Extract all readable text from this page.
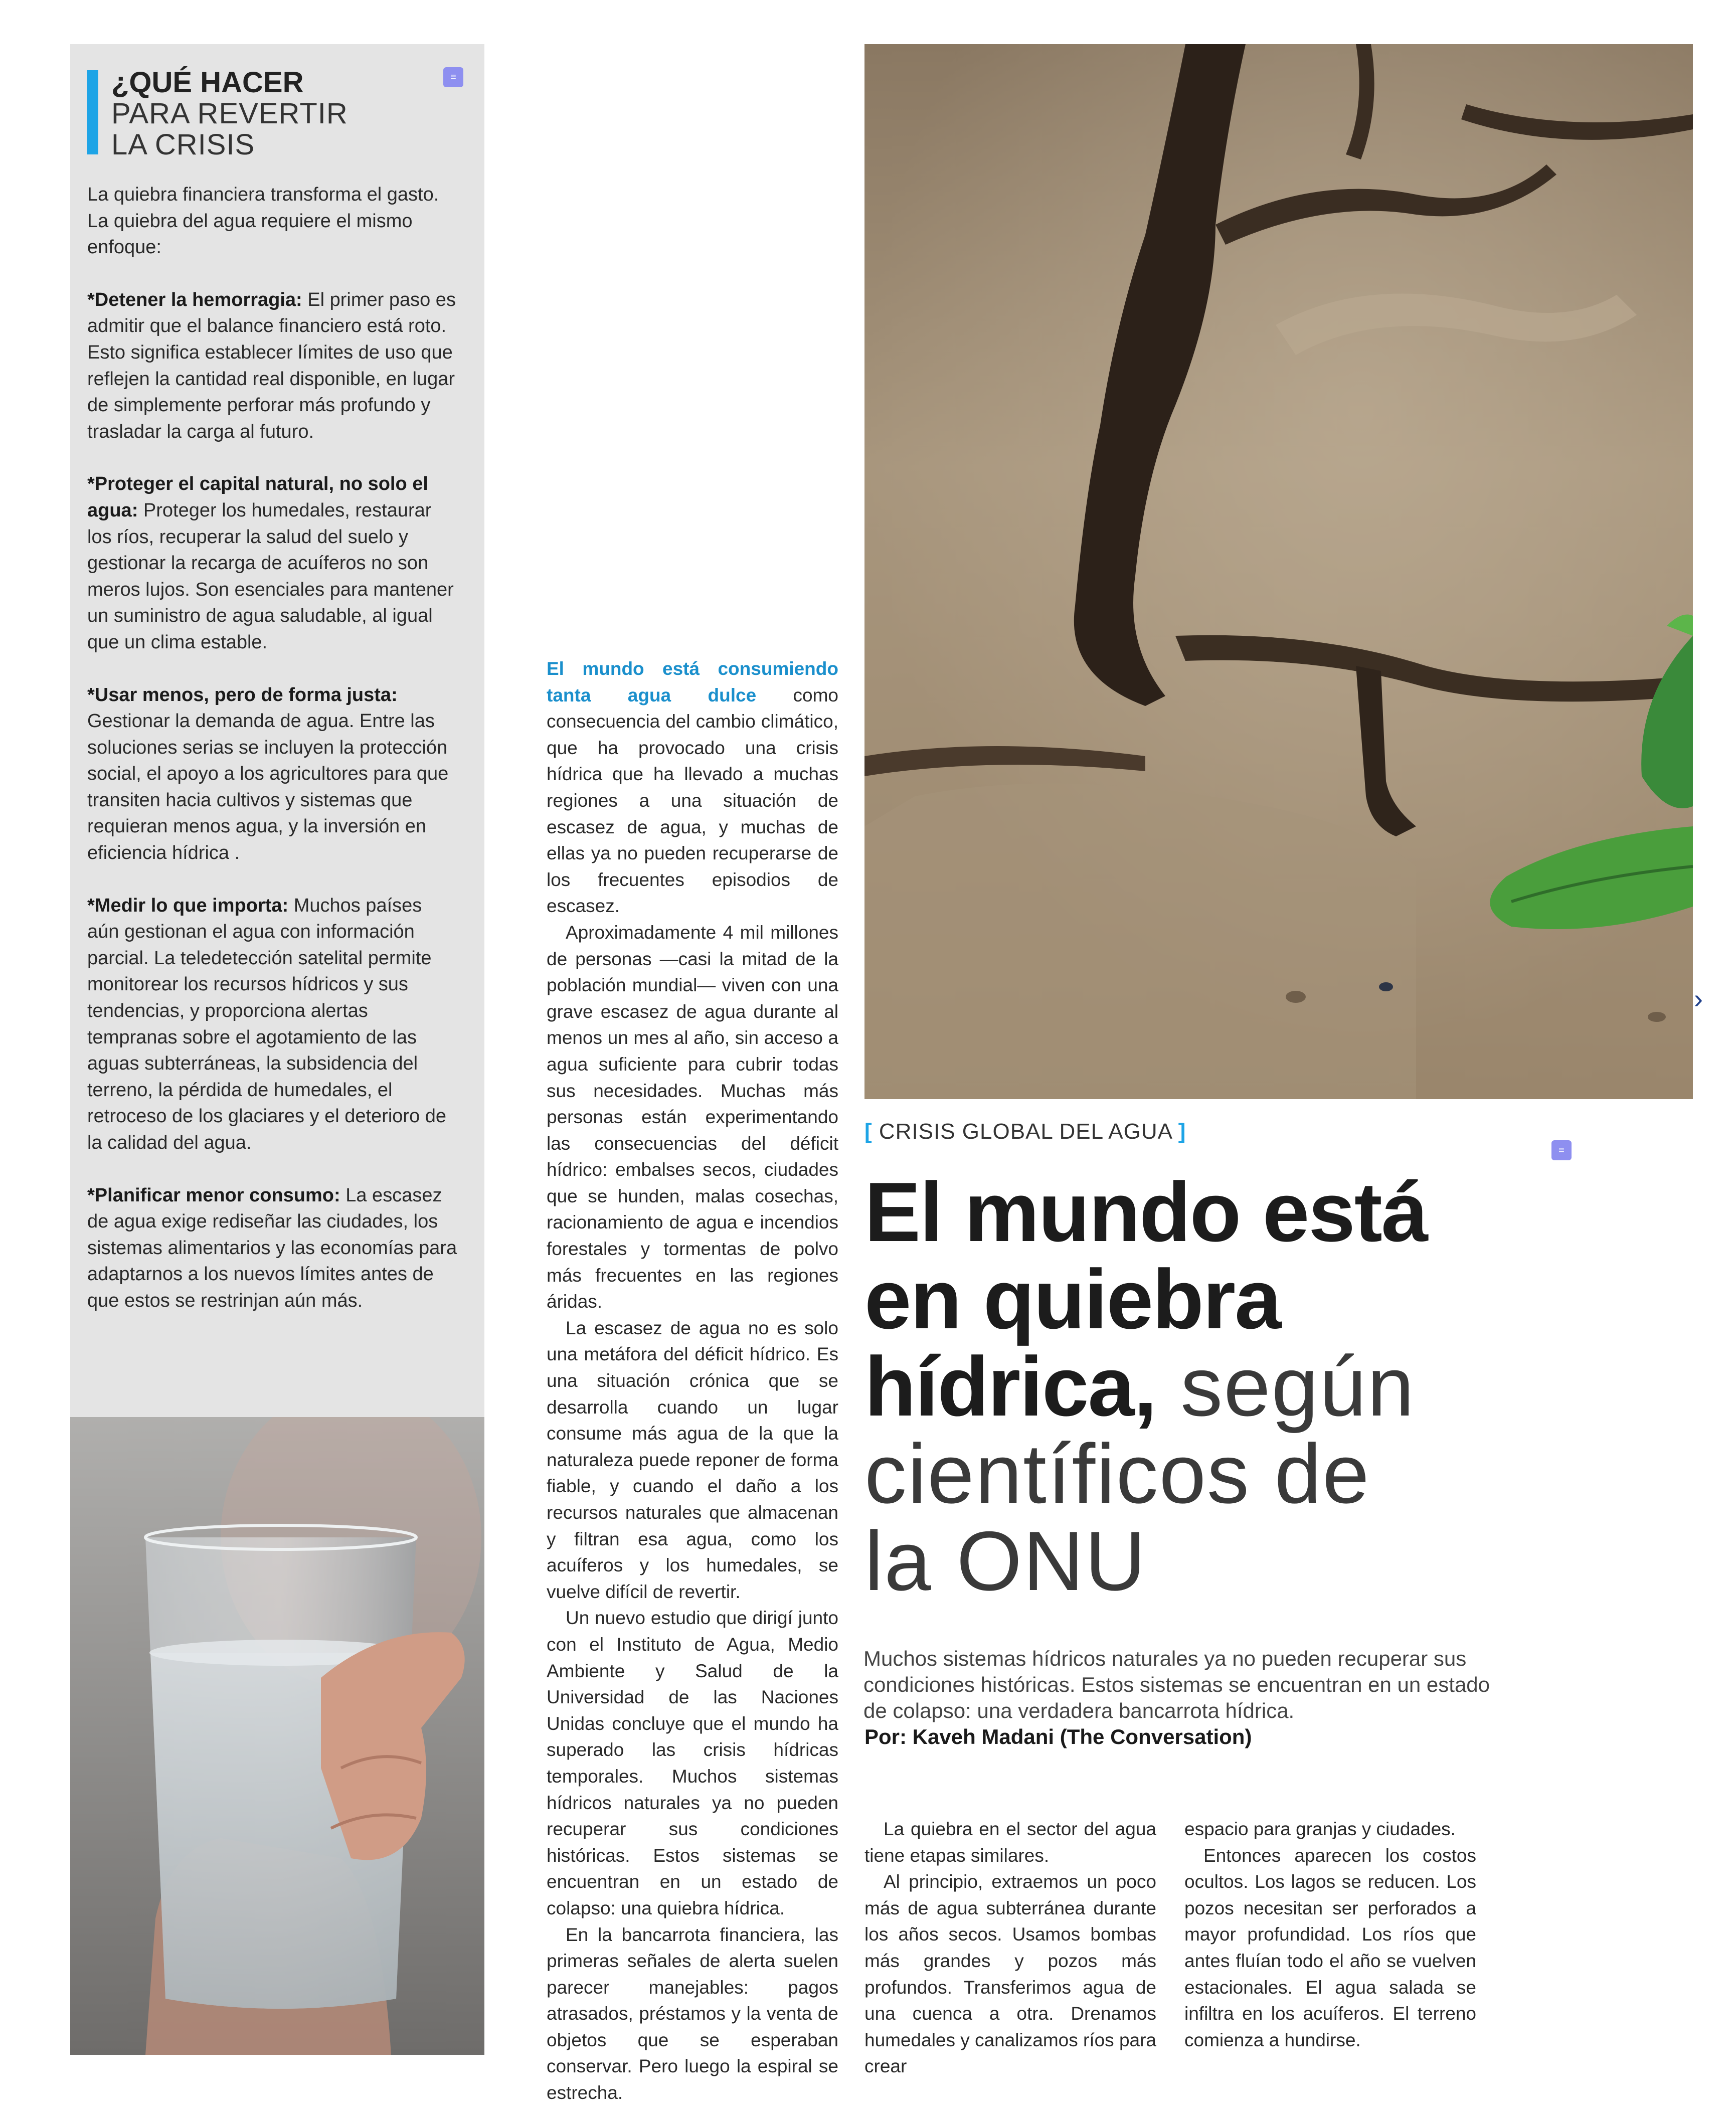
¿QUÉ HACER
PARA REVERTIR
LA CRISIS
≡

La quiebra financiera transforma el gasto. La quiebra del agua requiere el mismo enfoque:

*Detener la hemorragia: El primer paso es admitir que el balance financiero está roto. Esto significa establecer límites de uso que reflejen la cantidad real disponible, en lugar de simplemente perforar más profundo y trasladar la carga al futuro.

*Proteger el capital natural, no solo el agua: Proteger los humedales, restaurar los ríos, recuperar la salud del suelo y gestionar la recarga de acuíferos no son meros lujos. Son esenciales para mantener un suministro de agua saludable, al igual que un clima estable.

*Usar menos, pero de forma justa: Gestionar la demanda de agua. Entre las soluciones serias se incluyen la protección social, el apoyo a los agricultores para que transiten hacia cultivos y sistemas que requieran menos agua, y la inversión en eficiencia hídrica .

*Medir lo que importa: Muchos países aún gestionan el agua con información parcial. La teledetección satelital permite monitorear los recursos hídricos y sus tendencias, y proporciona alertas tempranas sobre el agotamiento de las aguas subterráneas, la subsidencia del terreno, la pérdida de humedales, el retroceso de los glaciares y el deterioro de la calidad del agua.

*Planificar menor consumo: La escasez de agua exige rediseñar las ciudades, los sistemas alimentarios y las economías para adaptarnos a los nuevos límites antes de que estos se restrinjan aún más.

El mundo está consumiendo tanta agua dulce como consecuencia del cambio climático, que ha provocado una crisis hídrica que ha llevado a muchas regiones a una situación de escasez de agua, y muchas de ellas ya no pueden recuperarse de los frecuentes episodios de escasez.

Aproximadamente 4 mil millones de personas —casi la mitad de la población mundial— viven con una grave escasez de agua durante al menos un mes al año, sin acceso a agua suficiente para cubrir todas sus necesidades. Muchas más personas están experimentando las consecuencias del déficit hídrico: embalses secos, ciudades que se hunden, malas cosechas, racionamiento de agua e incendios forestales y tormentas de polvo más frecuentes en las regiones áridas.

La escasez de agua no es solo una metáfora del déficit hídrico. Es una situación crónica que se desarrolla cuando un lugar consume más agua de la que la naturaleza puede reponer de forma fiable, y cuando el daño a los recursos naturales que almacenan y filtran esa agua, como los acuíferos y los humedales, se vuelve difícil de revertir.

Un nuevo estudio que dirigí junto con el Instituto de Agua, Medio Ambiente y Salud de la Universidad de las Naciones Unidas concluye que el mundo ha superado las crisis hídricas temporales. Muchos sistemas hídricos naturales ya no pueden recuperar sus condiciones históricas. Estos sistemas se encuentran en un estado de colapso: una quiebra hídrica.

En la bancarrota financiera, las primeras señales de alerta suelen parecer manejables: pagos atrasados, préstamos y la venta de objetos que se esperaban conservar. Pero luego la espiral se estrecha.

›
[ CRISIS GLOBAL DEL AGUA ]
≡
El mundo está
en quiebra
hídrica, según
científicos de
la ONU
Muchos sistemas hídricos naturales ya no pueden recuperar sus condiciones históricas. Estos sistemas se encuentran en un estado de colapso: una verdadera bancarrota hídrica.
Por: Kaveh Madani (The Conversation)

La quiebra en el sector del agua tiene etapas similares.

Al principio, extraemos un poco más de agua subterránea durante los años secos. Usamos bombas más grandes y pozos más profundos. Transferimos agua de una cuenca a otra. Drenamos humedales y canalizamos ríos para crear

espacio para granjas y ciudades.

Entonces aparecen los costos ocultos. Los lagos se reducen. Los pozos necesitan ser perforados a mayor profundidad. Los ríos que antes fluían todo el año se vuelven estacionales. El agua salada se infiltra en los acuíferos. El terreno comienza a hundirse.
